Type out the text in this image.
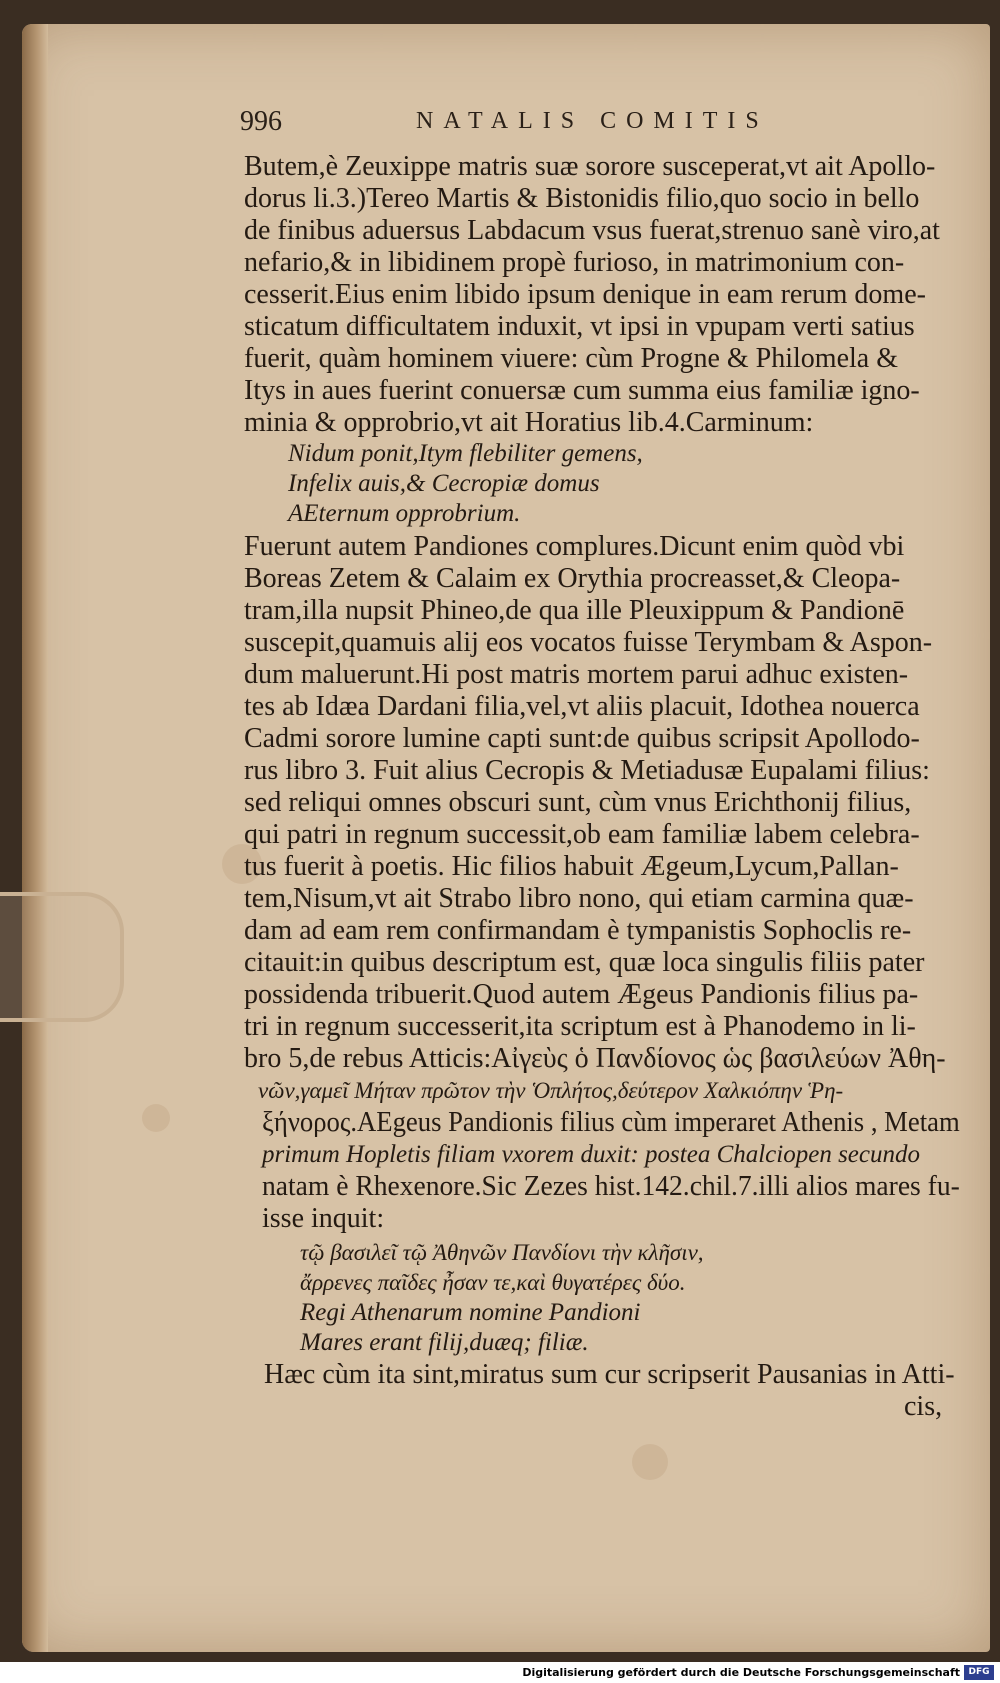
996	NATALIS COMITIS
Butem,è Zeuxippe matris suæ sorore susceperat,vt ait Apollo-
dorus li.3.)Tereo Martis & Bistonidis filio,quo socio in bello
de finibus aduersus Labdacum vsus fuerat,strenuo sanè viro,at
nefario,& in libidinem propè furioso, in matrimonium con-
cesserit.Eius enim libido ipsum denique in eam rerum dome-
sticatum difficultatem induxit, vt ipsi in vpupam verti satius
fuerit, quàm hominem viuere: cùm Progne & Philomela &
Itys in aues fuerint conuersæ cum summa eius familiæ igno-
minia & opprobrio,vt ait Horatius lib.4.Carminum:
Nidum ponit,Itym flebiliter gemens,
Infelix auis,& Cecropiæ domus
AEternum opprobrium.
Fuerunt autem Pandiones complures.Dicunt enim quòd vbi
Boreas Zetem & Calaim ex Orythia procreasset,& Cleopa-
tram,illa nupsit Phineo,de qua ille Pleuxippum & Pandionē
suscepit,quamuis alij eos vocatos fuisse Terymbam & Aspon-
dum maluerunt.Hi post matris mortem parui adhuc existen-
tes ab Idæa Dardani filia,vel,vt aliis placuit, Idothea nouerca
Cadmi sorore lumine capti sunt:de quibus scripsit Apollodo-
rus libro 3. Fuit alius Cecropis & Metiadusæ Eupalami filius:
sed reliqui omnes obscuri sunt, cùm vnus Erichthonij filius,
qui patri in regnum successit,ob eam familiæ labem celebra-
tus fuerit à poetis. Hic filios habuit Ægeum,Lycum,Pallan-
tem,Nisum,vt ait Strabo libro nono, qui etiam carmina quæ-
dam ad eam rem confirmandam è tympanistis Sophoclis re-
citauit:in quibus descriptum est, quæ loca singulis filiis pater
possidenda tribuerit.Quod autem Ægeus Pandionis filius pa-
tri in regnum successerit,ita scriptum est à Phanodemo in li-
bro 5,de rebus Atticis:Αἰγεὺς ὁ Πανδίονος ὡς βασιλεύων Ἀθη-
νῶν,γαμεῖ Μήταν πρῶτον τὴν Ὁπλήτος,δεύτερον Χαλκιόπην Ῥη-
ξήνορος.AEgeus Pandionis filius cùm imperaret Athenis , Metam
primum Hopletis filiam vxorem duxit: postea Chalciopen secundo
natam è Rhexenore.Sic Zezes hist.142.chil.7.illi alios mares fu-
isse inquit:
τῷ βασιλεῖ τῷ Ἀθηνῶν Πανδίονι τὴν κλῆσιν,
ἄρρενες παῖδες ἦσαν τε,καὶ θυγατέρες δύο.
Regi Athenarum nomine Pandioni
Mares erant filij,duæq; filiæ.
Hæc cùm ita sint,miratus sum cur scripserit Pausanias in Atti-
cis,
Digitalisierung gefördert durch die Deutsche Forschungsgemeinschaft DFG
